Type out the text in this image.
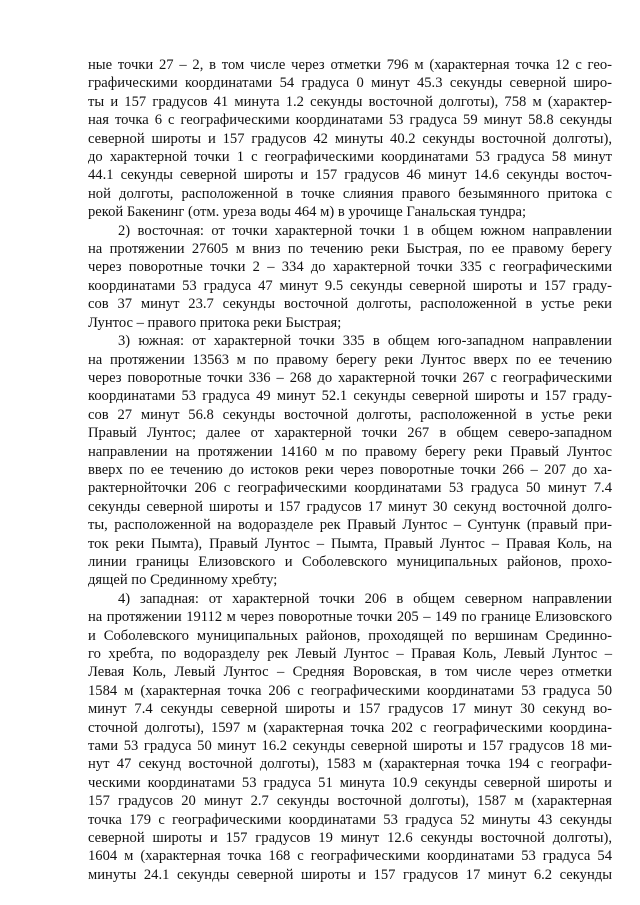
ные точки 27 – 2, в том числе через отметки 796 м (характерная точка 12 с гео-
графическими координатами 54 градуса 0 минут 45.3 секунды северной широ-
ты и 157 градусов 41 минута 1.2 секунды восточной долготы), 758 м (характер-
ная точка 6 с географическими координатами 53 градуса 59 минут 58.8 секунды
северной широты и 157 градусов 42 минуты 40.2 секунды восточной долготы),
до характерной точки 1 с географическими координатами 53 градуса 58 минут
44.1 секунды северной широты и 157 градусов 46 минут 14.6 секунды восточ-
ной долготы, расположенной в точке слияния правого безымянного притока с
рекой Бакенинг (отм. уреза воды 464 м) в урочище Ганальская тундра;

2) восточная: от точки характерной точки 1 в общем южном направлении
на протяжении 27605 м вниз по течению реки Быстрая, по ее правому берегу
через поворотные точки 2 – 334 до характерной точки 335 с географическими
координатами 53 градуса 47 минут 9.5 секунды северной широты и 157 граду-
сов 37 минут 23.7 секунды восточной долготы, расположенной в устье реки
Лунтос – правого притока реки Быстрая;

3) южная: от характерной точки 335 в общем юго-западном направлении
на протяжении 13563 м по правому берегу реки Лунтос вверх по ее течению
через поворотные точки 336 – 268 до характерной точки 267 с географическими
координатами 53 градуса 49 минут 52.1 секунды северной широты и 157 граду-
сов 27 минут 56.8 секунды восточной долготы, расположенной в устье реки
Правый Лунтос; далее от характерной точки 267 в общем северо-западном
направлении на протяжении 14160 м по правому берегу реки Правый Лунтос
вверх по ее течению до истоков реки через поворотные точки 266 – 207 до ха-
рактернойточки 206 с географическими координатами 53 градуса 50 минут 7.4
секунды северной широты и 157 градусов 17 минут 30 секунд восточной долго-
ты, расположенной на водоразделе рек Правый Лунтос – Сунтунк (правый при-
ток реки Пымта), Правый Лунтос – Пымта, Правый Лунтос – Правая Коль, на
линии границы Елизовского и Соболевского муниципальных районов, прохо-
дящей по Срединному хребту;

4) западная: от характерной точки 206 в общем северном направлении
на протяжении 19112 м через поворотные точки 205 – 149 по границе Елизовского
и Соболевского муниципальных районов, проходящей по вершинам Срединно-
го хребта, по водоразделу рек Левый Лунтос – Правая Коль, Левый Лунтос –
Левая Коль, Левый Лунтос – Средняя Воровская, в том числе через отметки
1584 м (характерная точка 206 с географическими координатами 53 градуса 50
минут 7.4 секунды северной широты и 157 градусов 17 минут 30 секунд во-
сточной долготы), 1597 м (характерная точка 202 с географическими координа-
тами 53 градуса 50 минут 16.2 секунды северной широты и 157 градусов 18 ми-
нут 47 секунд восточной долготы), 1583 м (характерная точка 194 с географи-
ческими координатами 53 градуса 51 минута 10.9 секунды северной широты и
157 градусов 20 минут 2.7 секунды восточной долготы), 1587 м (характерная
точка 179 с географическими координатами 53 градуса 52 минуты 43 секунды
северной широты и 157 градусов 19 минут 12.6 секунды восточной долготы),
1604 м (характерная точка 168 с географическими координатами 53 градуса 54
минуты 24.1 секунды северной широты и 157 градусов 17 минут 6.2 секунды
